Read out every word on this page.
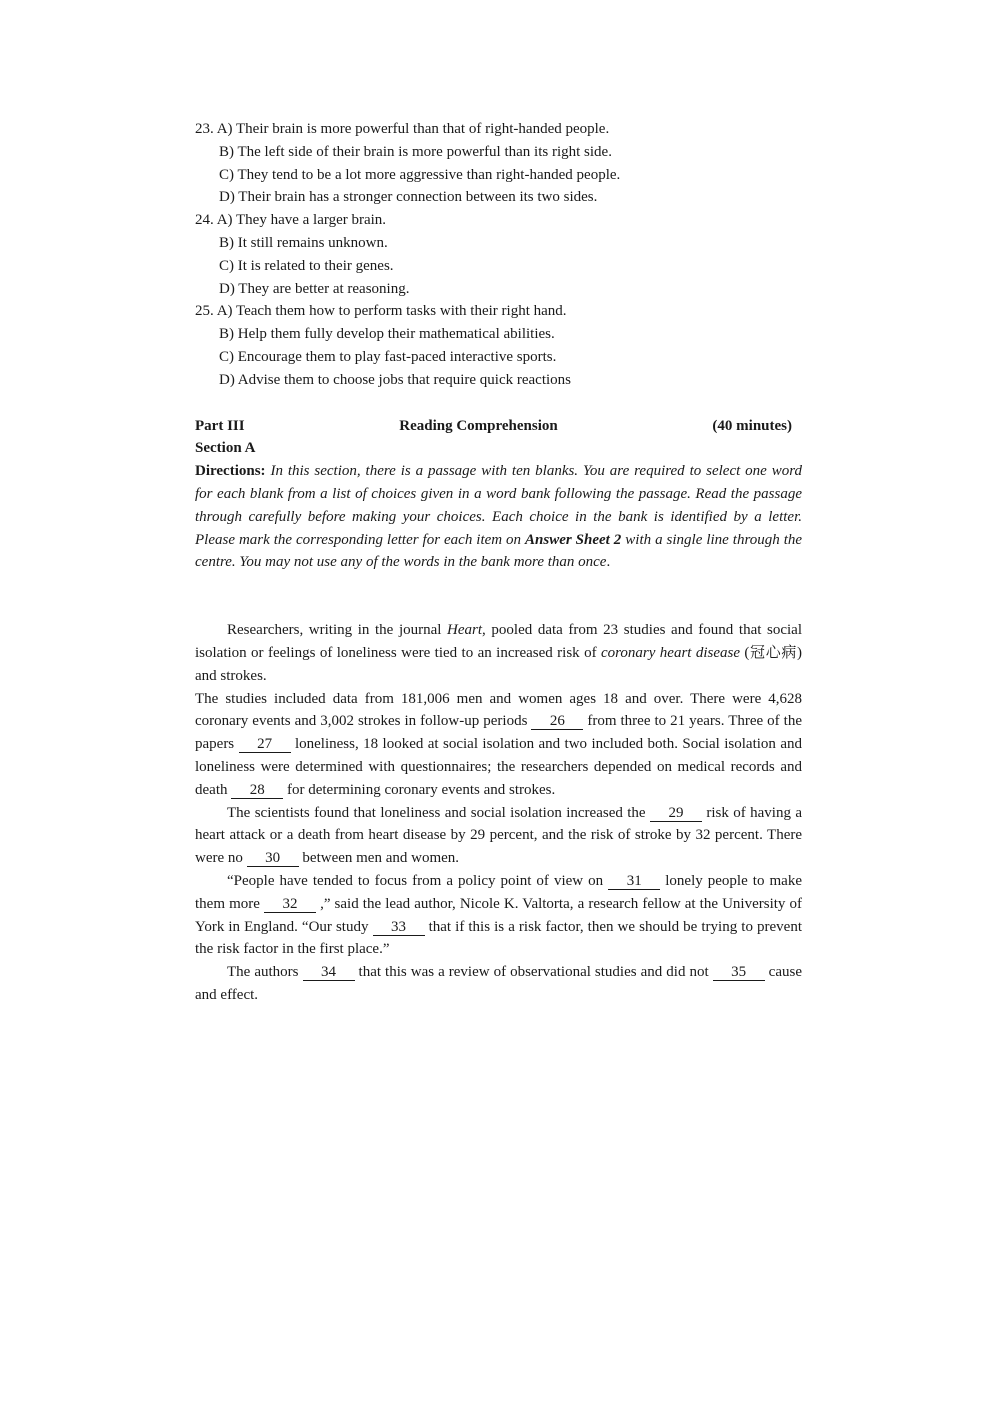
23. A) Their brain is more powerful than that of right-handed people.
B) The left side of their brain is more powerful than its right side.
C) They tend to be a lot more aggressive than right-handed people.
D) Their brain has a stronger connection between its two sides.
24. A) They have a larger brain.
B) It still remains unknown.
C) It is related to their genes.
D) They are better at reasoning.
25. A) Teach them how to perform tasks with their right hand.
B) Help them fully develop their mathematical abilities.
C) Encourage them to play fast-paced interactive sports.
D) Advise them to choose jobs that require quick reactions
Part III	Reading Comprehension	(40 minutes)
Section A
Directions: In this section, there is a passage with ten blanks. You are required to select one word for each blank from a list of choices given in a word bank following the passage. Read the passage through carefully before making your choices. Each choice in the bank is identified by a letter. Please mark the corresponding letter for each item on Answer Sheet 2 with a single line through the centre. You may not use any of the words in the bank more than once.

Researchers, writing in the journal Heart, pooled data from 23 studies and found that social isolation or feelings of loneliness were tied to an increased risk of coronary heart disease (冠心病) and strokes.

The studies included data from 181,006 men and women ages 18 and over. There were 4,628 coronary events and 3,002 strokes in follow-up periods 26 from three to 21 years. Three of the papers 27 loneliness, 18 looked at social isolation and two included both. Social isolation and loneliness were determined with questionnaires; the researchers depended on medical records and death 28 for determining coronary events and strokes.

The scientists found that loneliness and social isolation increased the 29 risk of having a heart attack or a death from heart disease by 29 percent, and the risk of stroke by 32 percent. There were no 30 between men and women.

“People have tended to focus from a policy point of view on 31 lonely people to make them more 32 ,” said the lead author, Nicole K. Valtorta, a research fellow at the University of York in England. “Our study 33 that if this is a risk factor, then we should be trying to prevent the risk factor in the first place.”

The authors 34 that this was a review of observational studies and did not 35 cause and effect.
